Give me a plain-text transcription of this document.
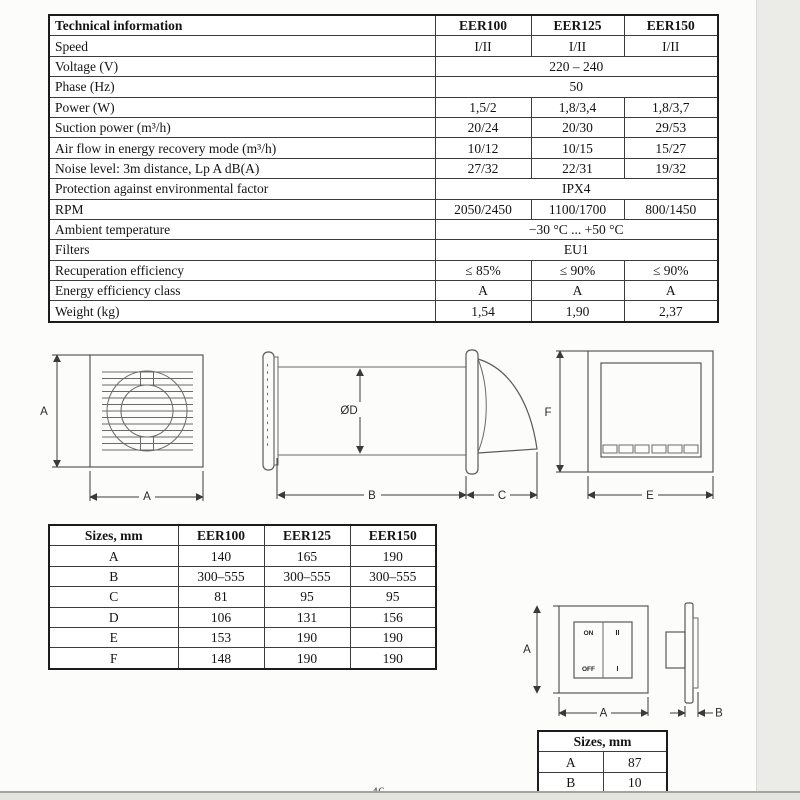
Technical information	EER100	EER125	EER150
Speed	I/II	I/II	I/II
Voltage (V)	220 – 240		
Phase (Hz)	50		
Power (W)	1,5/2	1,8/3,4	1,8/3,7
Suction power (m³/h)	20/24	20/30	29/53
Air flow in energy recovery mode (m³/h)	10/12	10/15	15/27
Noise level: 3m distance, Lp A dB(A)	27/32	22/31	19/32
Protection against environmental factor	IPX4		
RPM	2050/2450	1100/1700	800/1450
Ambient temperature	−30 °C ... +50 °C		
Filters	EU1		
Recuperation efficiency	≤ 85%	≤ 90%	≤ 90%
Energy efficiency class	A	A	A
Weight (kg)	1,54	1,90	2,37
A
A
ØD
B	C
F
E
Sizes, mm	EER100	EER125	EER150
A	140	165	190
B	300–555	300–555	300–555
C	81	95	95
D	106	131	156
E	153	190	190
F	148	190	190
ON
OFF
II
I
A
A	B
Sizes, mm	
A	87
B	10
